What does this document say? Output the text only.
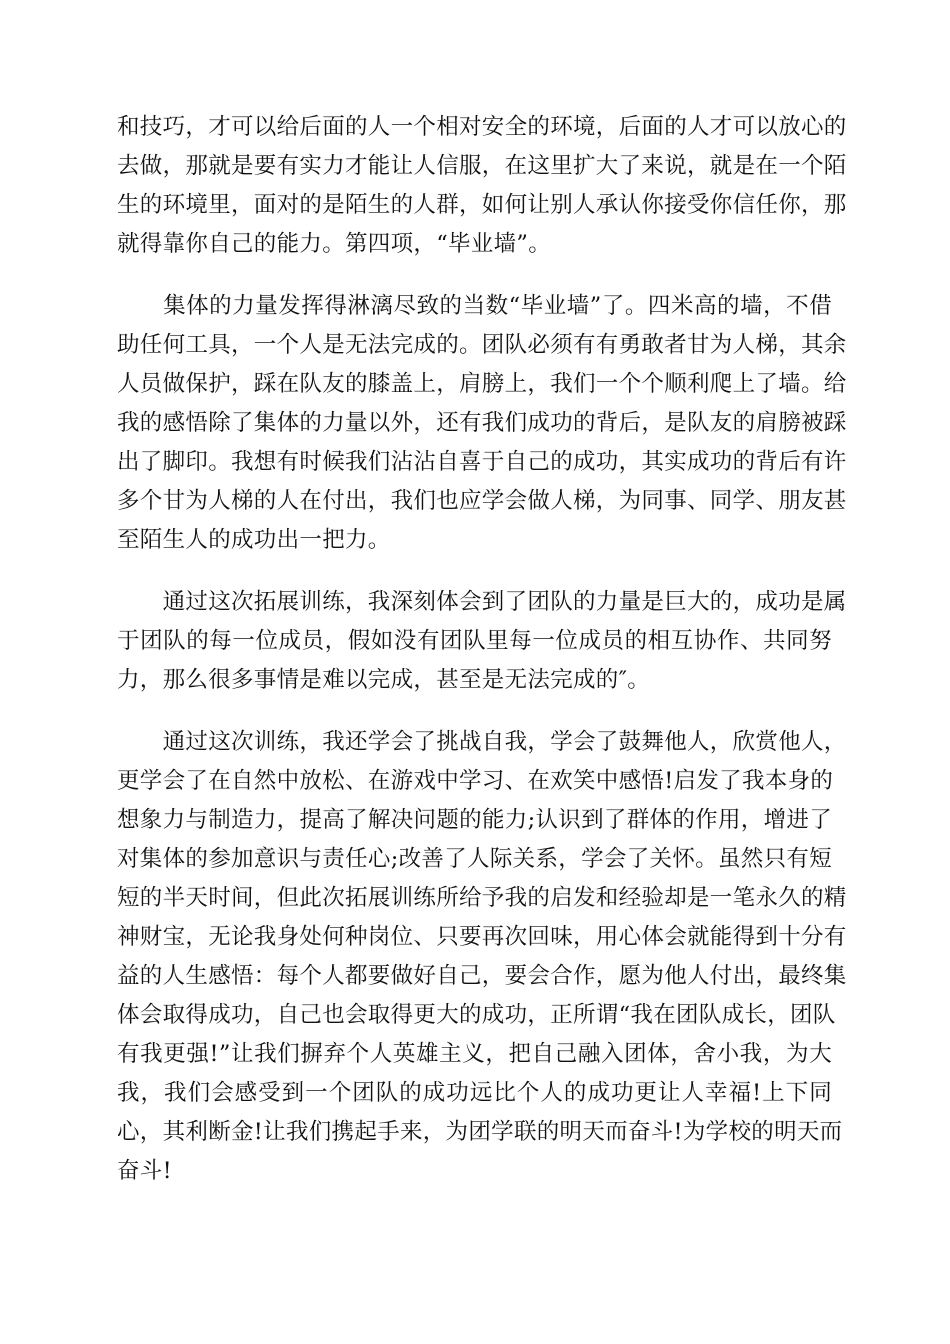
和技巧，才可以给后面的人一个相对安全的环境，后面的人才可以放心的
去做，那就是要有实力才能让人信服，在这里扩大了来说，就是在一个陌
生的环境里，面对的是陌生的人群，如何让别人承认你接受你信任你，那
就得靠你自己的能力。第四项，“毕业墙”。
　　集体的力量发挥得淋漓尽致的当数“毕业墙”了。四米高的墙，不借
助任何工具，一个人是无法完成的。团队必须有有勇敢者甘为人梯，其余
人员做保护，踩在队友的膝盖上，肩膀上，我们一个个顺利爬上了墙。给
我的感悟除了集体的力量以外，还有我们成功的背后，是队友的肩膀被踩
出了脚印。我想有时候我们沾沾自喜于自己的成功，其实成功的背后有许
多个甘为人梯的人在付出，我们也应学会做人梯，为同事、同学、朋友甚
至陌生人的成功出一把力。
　　通过这次拓展训练，我深刻体会到了团队的力量是巨大的，成功是属
于团队的每一位成员，假如没有团队里每一位成员的相互协作、共同努
力，那么很多事情是难以完成，甚至是无法完成的″。
　　通过这次训练，我还学会了挑战自我，学会了鼓舞他人，欣赏他人，
更学会了在自然中放松、在游戏中学习、在欢笑中感悟!启发了我本身的
想象力与制造力，提高了解决问题的能力;认识到了群体的作用，增进了
对集体的参加意识与责任心;改善了人际关系，学会了关怀。虽然只有短
短的半天时间，但此次拓展训练所给予我的启发和经验却是一笔永久的精
神财宝，无论我身处何种岗位、只要再次回味，用心体会就能得到十分有
益的人生感悟：每个人都要做好自己，要会合作，愿为他人付出，最终集
体会取得成功，自己也会取得更大的成功，正所谓“我在团队成长，团队
有我更强!”让我们摒弃个人英雄主义，把自己融入团体，舍小我，为大
我，我们会感受到一个团队的成功远比个人的成功更让人幸福!上下同
心，其利断金!让我们携起手来，为团学联的明天而奋斗!为学校的明天而
奋斗!
